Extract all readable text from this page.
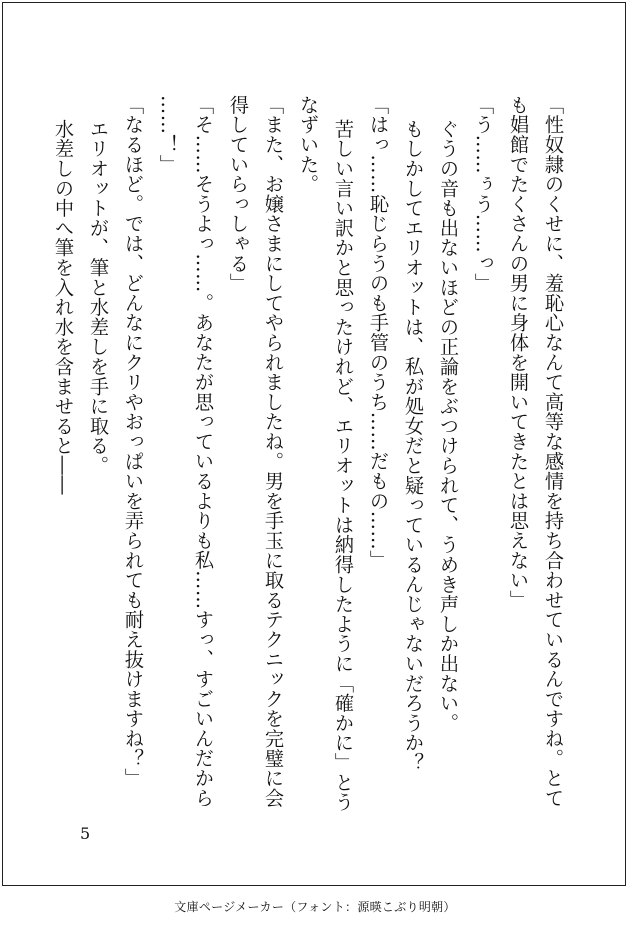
「性奴隷のくせに、羞恥心なんて高等な感情を持ち合わせているんですね。とて
も娼館でたくさんの男に身体を開いてきたとは思えない」
「う……ぅう……っ」
ぐうの音も出ないほどの正論をぶつけられて、うめき声しか出ない。
もしかしてエリオットは、私が処女だと疑っているんじゃないだろうか？
「はっ……恥じらうのも手管のうち……だもの……」
苦しい言い訳かと思ったけれど、エリオットは納得したように「確かに」とう
なずいた。
「また、お嬢さまにしてやられましたね。男を手玉に取るテクニックを完璧に会
得していらっしゃる」
「そ……そうよっ……。あなたが思っているよりも私……すっ、すごいんだから
……！」
「なるほど。では、どんなにクリやおっぱいを弄られても耐え抜けますね？」
エリオットが、筆と水差しを手に取る。
水差しの中へ筆を入れ水を含ませると――
5
文庫ページメーカー（フォント：源暎こぶり明朝）
